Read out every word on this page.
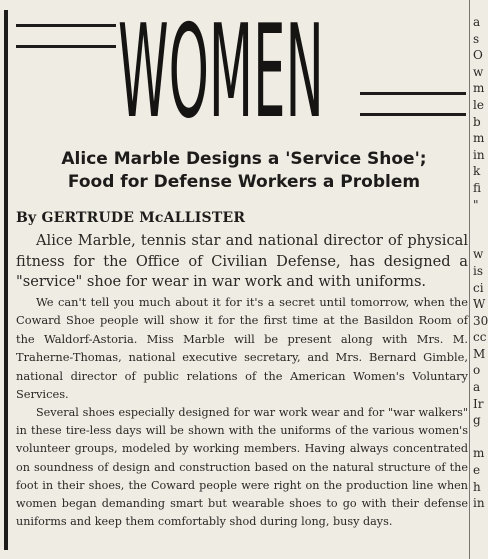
WOMEN
Alice Marble Designs a 'Service Shoe';
Food for Defense Workers a Problem

By GERTRUDE McALLISTER

Alice Marble, tennis star and national director of physical fitness for the Office of Civilian Defense, has designed a "service" shoe for wear in war work and with uniforms.

We can't tell you much about it for it's a secret until tomorrow, when the Coward Shoe people will show it for the first time at the Basildon Room of the Waldorf-Astoria. Miss Marble will be present along with Mrs. M. Traherne-Thomas, national executive secretary, and Mrs. Bernard Gimble, national director of public relations of the American Women's Voluntary Services.

Several shoes especially designed for war work wear and for "war walkers" in these tire-less days will be shown with the uniforms of the various women's volunteer groups, modeled by working members. Having always concentrated on soundness of design and construction based on the natural structure of the foot in their shoes, the Coward people were right on the production line when women began demanding smart but wearable shoes to go with their defense uniforms and keep them comfortably shod during long, busy days.

a
s
O
w
m
le
b
m
in
k
fi
"

w
is
ci
W
30
cc
M
o
a
Ir
g

m
e
h
in
